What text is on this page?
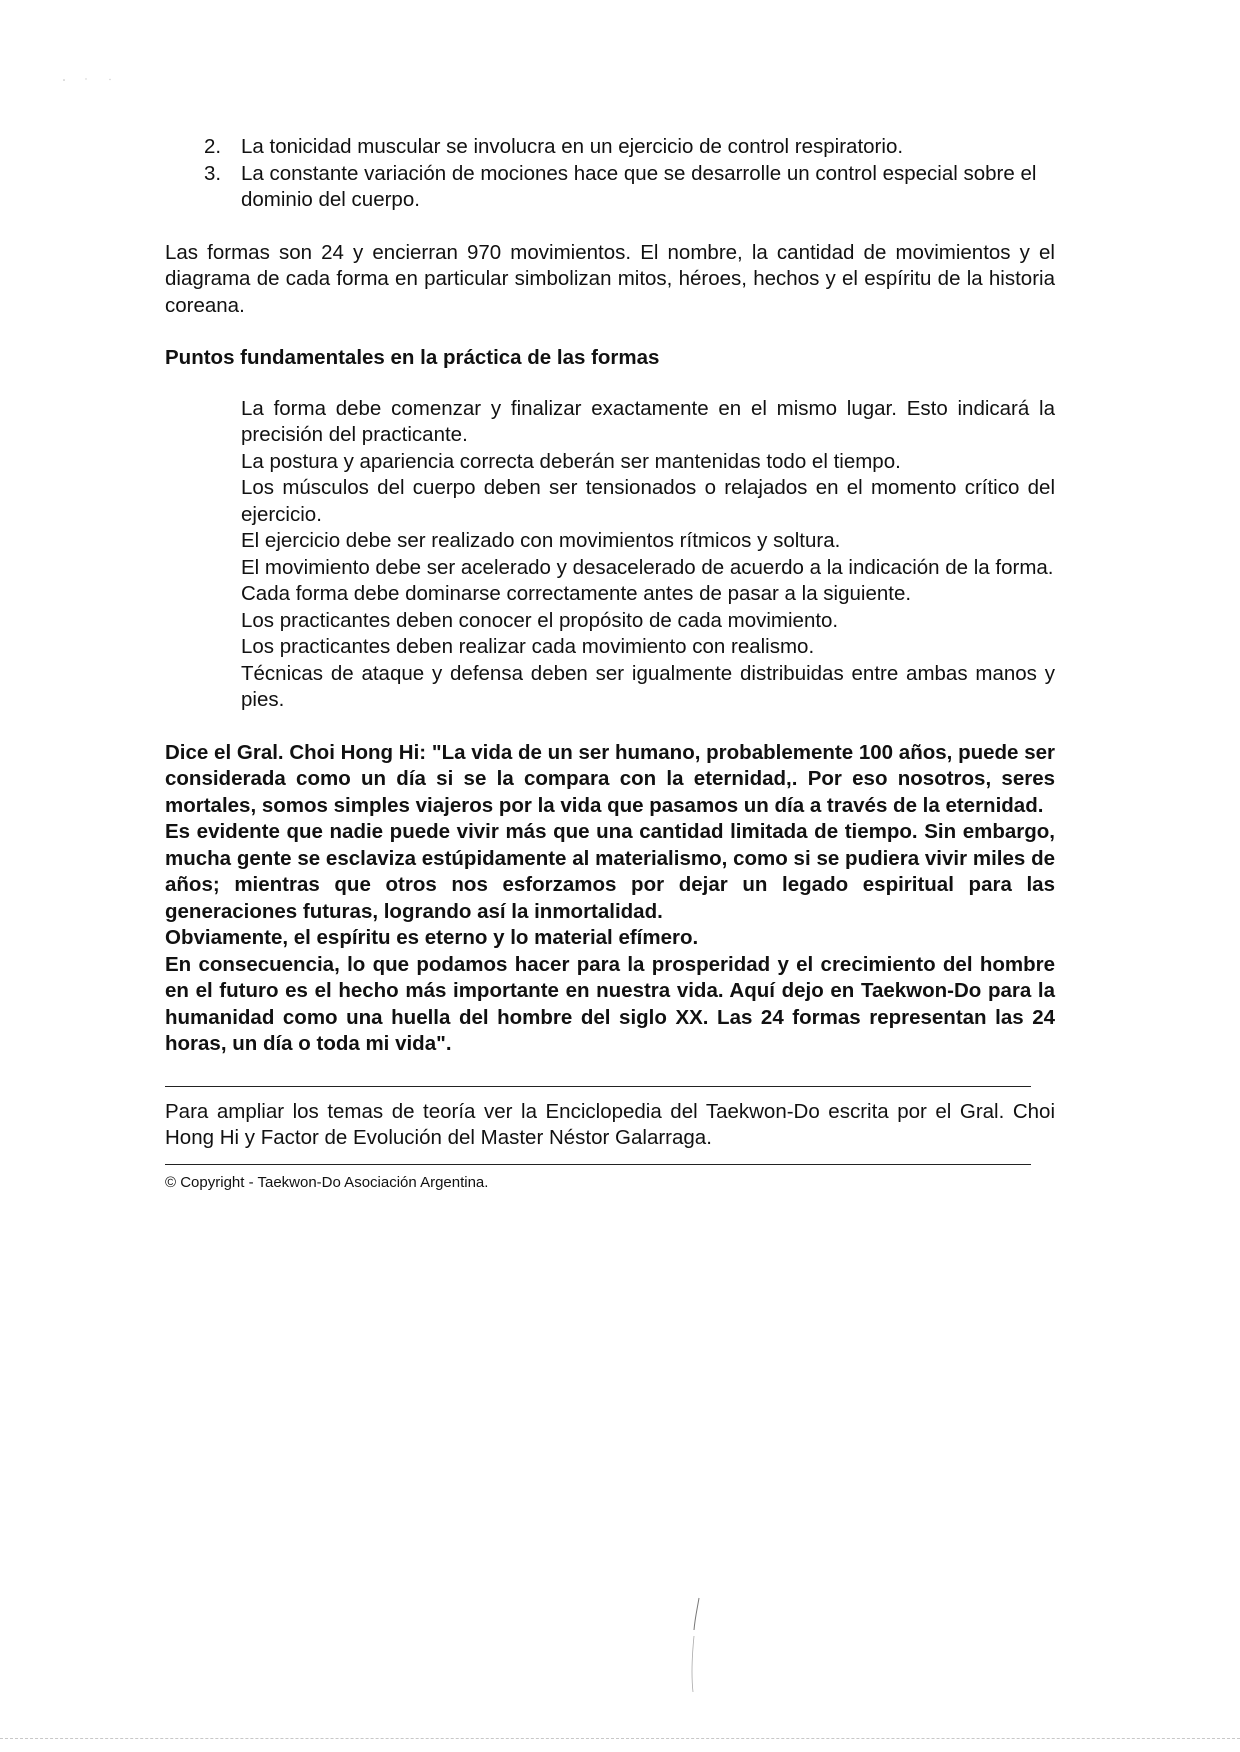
2. La tonicidad muscular se involucra en un ejercicio de control respiratorio.
3. La constante variación de mociones hace que se desarrolle un control especial sobre el dominio del cuerpo.

Las formas son 24 y encierran 970 movimientos. El nombre, la cantidad de movimientos y el diagrama de cada forma en particular simbolizan mitos, héroes, hechos y el espíritu de la historia coreana.

Puntos fundamentales en la práctica de las formas

La forma debe comenzar y finalizar exactamente en el mismo lugar. Esto indicará la precisión del practicante.
La postura y apariencia correcta deberán ser mantenidas todo el tiempo.
Los músculos del cuerpo deben ser tensionados o relajados en el momento crítico del ejercicio.
El ejercicio debe ser realizado con movimientos rítmicos y soltura.
El movimiento debe ser acelerado y desacelerado de acuerdo a la indicación de la forma.
Cada forma debe dominarse correctamente antes de pasar a la siguiente.
Los practicantes deben conocer el propósito de cada movimiento.
Los practicantes deben realizar cada movimiento con realismo.
Técnicas de ataque y defensa deben ser igualmente distribuidas entre ambas manos y pies.

Dice el Gral. Choi Hong Hi: "La vida de un ser humano, probablemente 100 años, puede ser considerada como un día si se la compara con la eternidad,. Por eso nosotros, seres mortales, somos simples viajeros por la vida que pasamos un día a través de la eternidad.

Es evidente que nadie puede vivir más que una cantidad limitada de tiempo. Sin embargo, mucha gente se esclaviza estúpidamente al materialismo, como si se pudiera vivir miles de años; mientras que otros nos esforzamos por dejar un legado espiritual para las generaciones futuras, logrando así la inmortalidad.

Obviamente, el espíritu es eterno y lo material efímero.

En consecuencia, lo que podamos hacer para la prosperidad y el crecimiento del hombre en el futuro es el hecho más importante en nuestra vida. Aquí dejo en Taekwon-Do para la humanidad como una huella del hombre del siglo XX. Las 24 formas representan las 24 horas, un día o toda mi vida".

Para ampliar los temas de teoría ver la Enciclopedia del Taekwon-Do escrita por el Gral. Choi Hong Hi y Factor de Evolución del Master Néstor Galarraga.

© Copyright - Taekwon-Do Asociación Argentina.
